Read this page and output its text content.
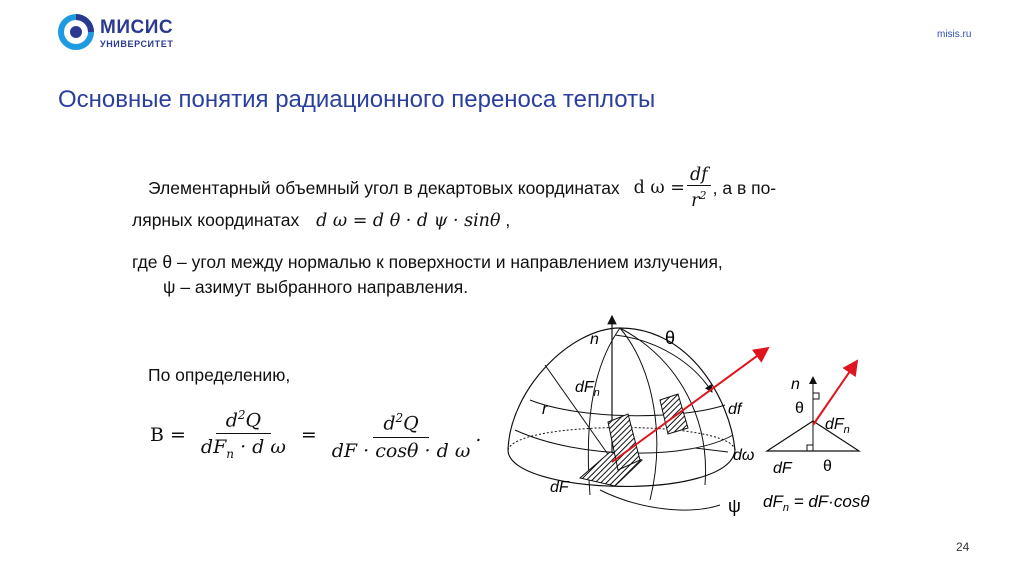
МИСИС
УНИВЕРСИТЕТ
misis.ru
Основные понятия радиационного переноса теплоты
Элементарный объемный угол в декартовых координатах d $\omega = \frac{df}{r^2}$ , а в по-
лярных координатах d ω = d θ · d ψ · sinθ ,
где θ – угол между нормалью к поверхности и направлением излучения,
ψ – азимут выбранного направления.
По определению,
$B = \frac{d^2Q}{dF_n \cdot d \omega} = \frac{d^2Q}{\text{dF · cosθ · d ω}}$ .
n	θ
$dF_n$
r	df
dω
dF
ψ
n
θ
$dF_n$
dF θ
$dF_n = dF\cdot\cos\theta$
24
